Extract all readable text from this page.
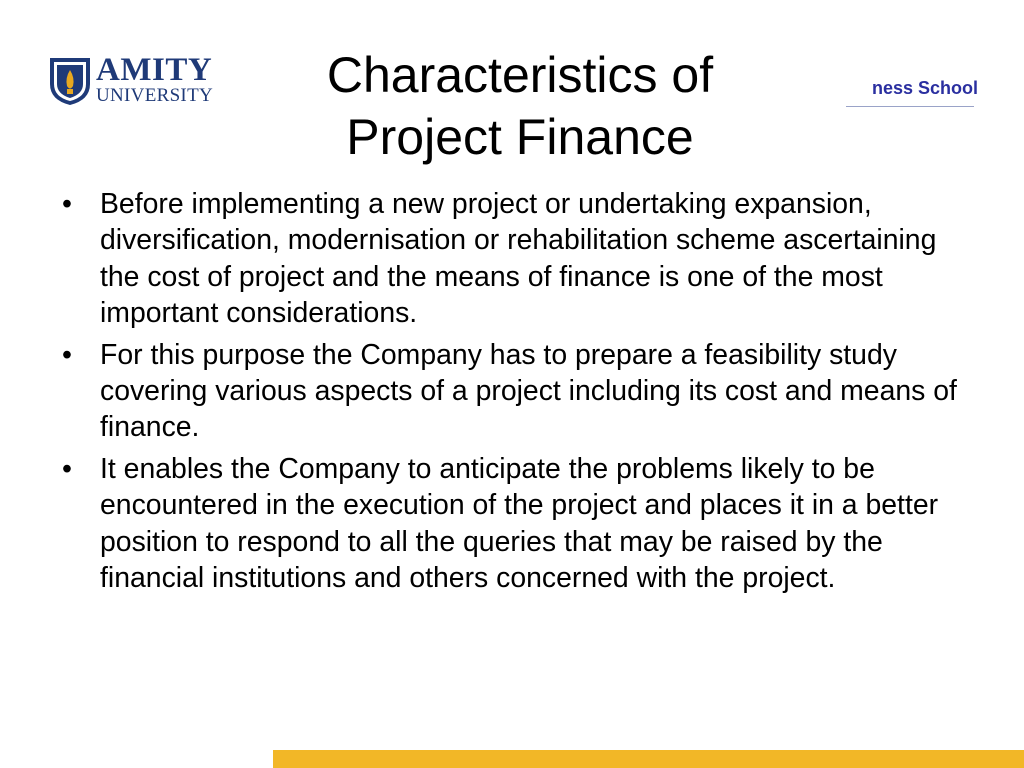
AMITY
UNIVERSITY	Characteristics of
Project Finance
ness School
• Before implementing a new project or undertaking expansion, diversification, modernisation or rehabilitation scheme ascertaining the cost of project and the means of finance is one of the most important considerations.
• For this purpose the Company has to prepare a feasibility study covering various aspects of a project including its cost and means of finance.
• It enables the Company to anticipate the problems likely to be encountered in the execution of the project and places it in a better position to respond to all the queries that may be raised by the financial institutions and others concerned with the project.
